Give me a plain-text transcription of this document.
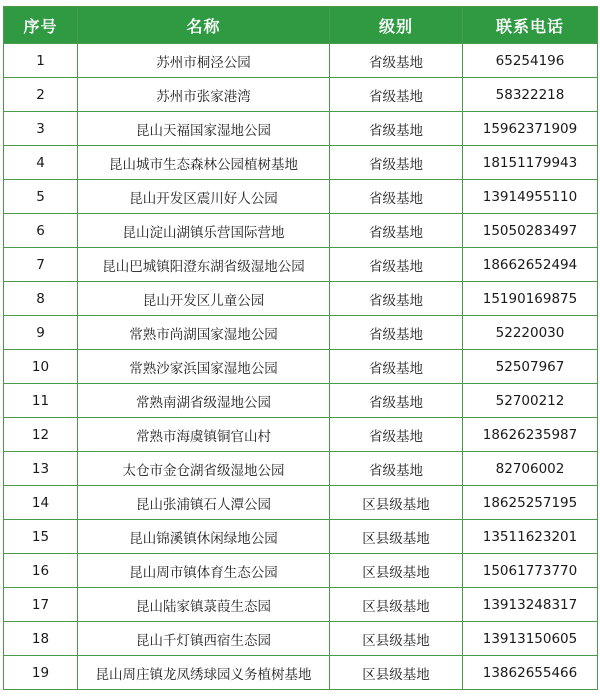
序号	名称	级别	联系电话
1	苏州市桐泾公园	省级基地	65254196
2	苏州市张家港湾	省级基地	58322218
3	昆山天福国家湿地公园	省级基地	15962371909
4	昆山城市生态森林公园植树基地	省级基地	18151179943
5	昆山开发区震川好人公园	省级基地	13914955110
6	昆山淀山湖镇乐营国际营地	省级基地	15050283497
7	昆山巴城镇阳澄东湖省级湿地公园	省级基地	18662652494
8	昆山开发区儿童公园	省级基地	15190169875
9	常熟市尚湖国家湿地公园	省级基地	52220030
10	常熟沙家浜国家湿地公园	省级基地	52507967
11	常熟南湖省级湿地公园	省级基地	52700212
12	常熟市海虞镇铜官山村	省级基地	18626235987
13	太仓市金仓湖省级湿地公园	省级基地	82706002
14	昆山张浦镇石人潭公园	区县级基地	18625257195
15	昆山锦溪镇休闲绿地公园	区县级基地	13511623201
16	昆山周市镇体育生态公园	区县级基地	15061773770
17	昆山陆家镇菉葭生态园	区县级基地	13913248317
18	昆山千灯镇西宿生态园	区县级基地	13913150605
19	昆山周庄镇龙凤绣球园义务植树基地	区县级基地	13862655466
